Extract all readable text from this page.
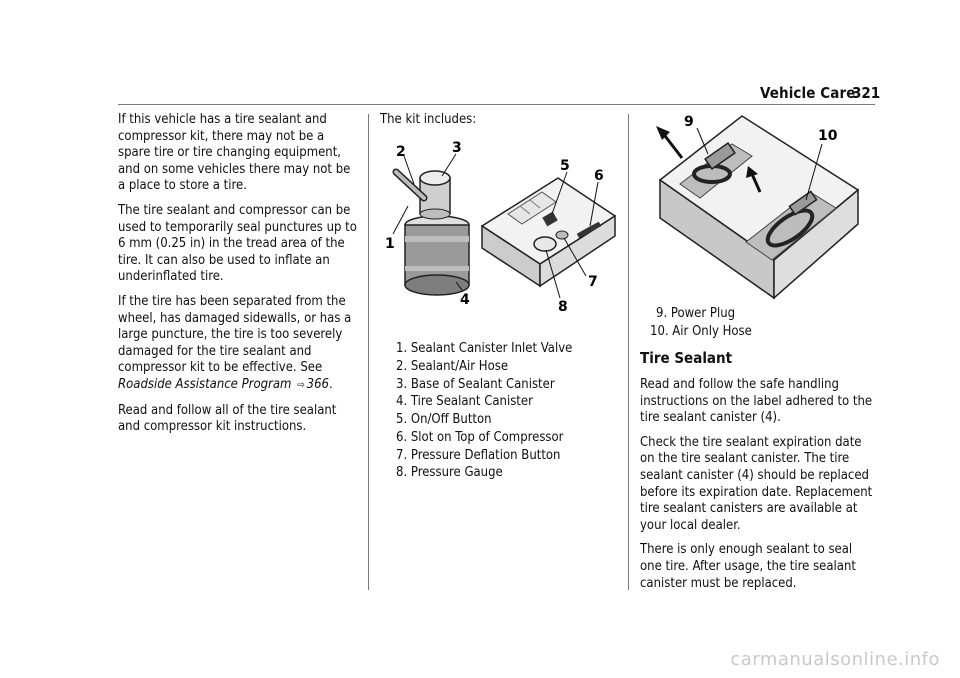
Vehicle Care
321

If this vehicle has a tire sealant and compressor kit, there may not be a spare tire or tire changing equipment, and on some vehicles there may not be a place to store a tire.

The tire sealant and compressor can be used to temporarily seal punctures up to 6 mm (0.25 in) in the tread area of the tire. It can also be used to inflate an underinflated tire.

If the tire has been separated from the wheel, has damaged sidewalls, or has a large puncture, the tire is too severely damaged for the tire sealant and compressor kit to be effective. See Roadside Assistance Program ⇨ 366.

Read and follow all of the tire sealant and compressor kit instructions.

The kit includes:

1
2	3
4
5
6
7
8
1. Sealant Canister Inlet Valve
2. Sealant/Air Hose
3. Base of Sealant Canister
4. Tire Sealant Canister
5. On/Off Button
6. Slot on Top of Compressor
7. Pressure Deflation Button
8. Pressure Gauge
9
10
9. Power Plug
10. Air Only Hose
Tire Sealant

Read and follow the safe handling instructions on the label adhered to the tire sealant canister (4).

Check the tire sealant expiration date on the tire sealant canister. The tire sealant canister (4) should be replaced before its expiration date. Replacement tire sealant canisters are available at your local dealer.

There is only enough sealant to seal one tire. After usage, the tire sealant canister must be replaced.

carmanualsonline.info
